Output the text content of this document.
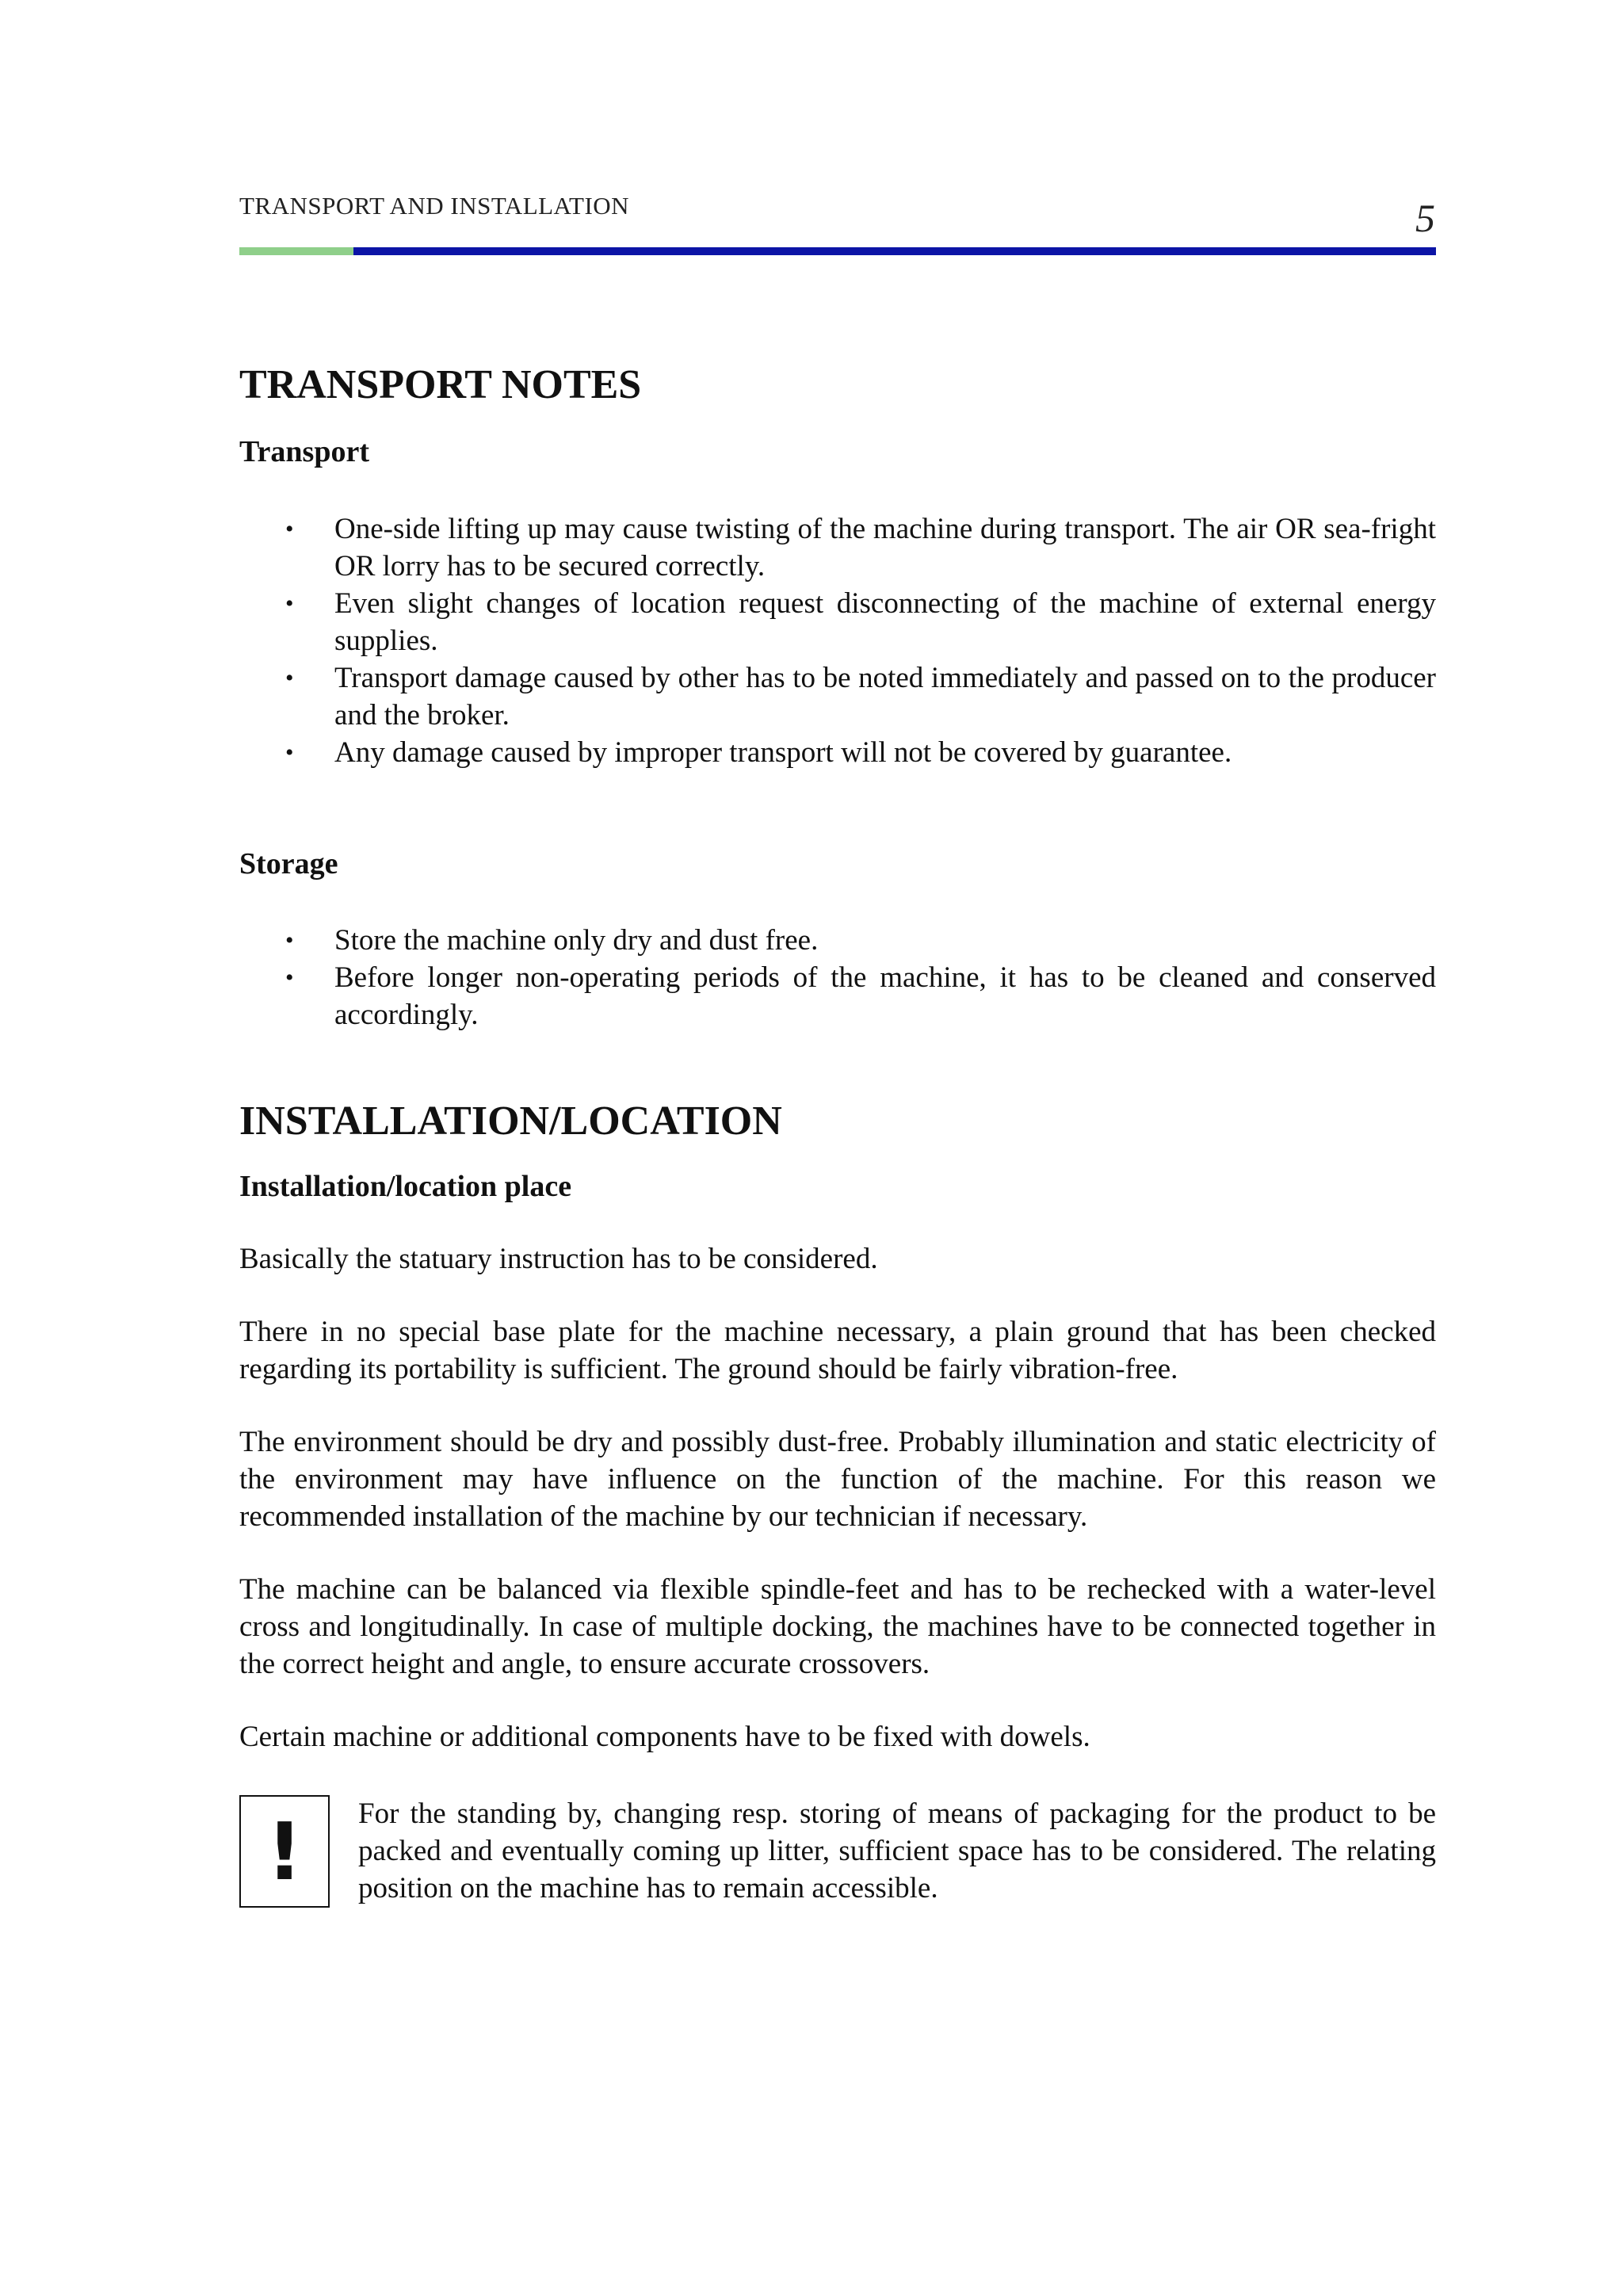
TRANSPORT AND INSTALLATION	5
TRANSPORT NOTES
Transport
• One-side lifting up may cause twisting of the machine during transport. The air OR sea-fright OR lorry has to be secured correctly.
• Even slight changes of location request disconnecting of the machine of external energy supplies.
• Transport damage caused by other has to be noted immediately and passed on to the producer and the broker.
• Any damage caused by improper transport will not be covered by guarantee.
Storage
• Store the machine only dry and dust free.
• Before longer non-operating periods of the machine, it has to be cleaned and conserved accordingly.
INSTALLATION/LOCATION
Installation/location place

Basically the statuary instruction has to be considered.

There in no special base plate for the machine necessary, a plain ground that has been checked regarding its portability is sufficient. The ground should be fairly vibration-free.

The environment should be dry and possibly dust-free. Probably illumination and static electricity of the environment may have influence on the function of the machine. For this reason we recommended installation of the machine by our technician if necessary.

The machine can be balanced via flexible spindle-feet and has to be rechecked with a water-level cross and longitudinally. In case of multiple docking, the machines have to be connected together in the correct height and angle, to ensure accurate crossovers.

Certain machine or additional components have to be fixed with dowels.

!	For the standing by, changing resp. storing of means of packaging for the product to be packed and eventually coming up litter, sufficient space has to be considered. The relating position on the machine has to remain accessible.
